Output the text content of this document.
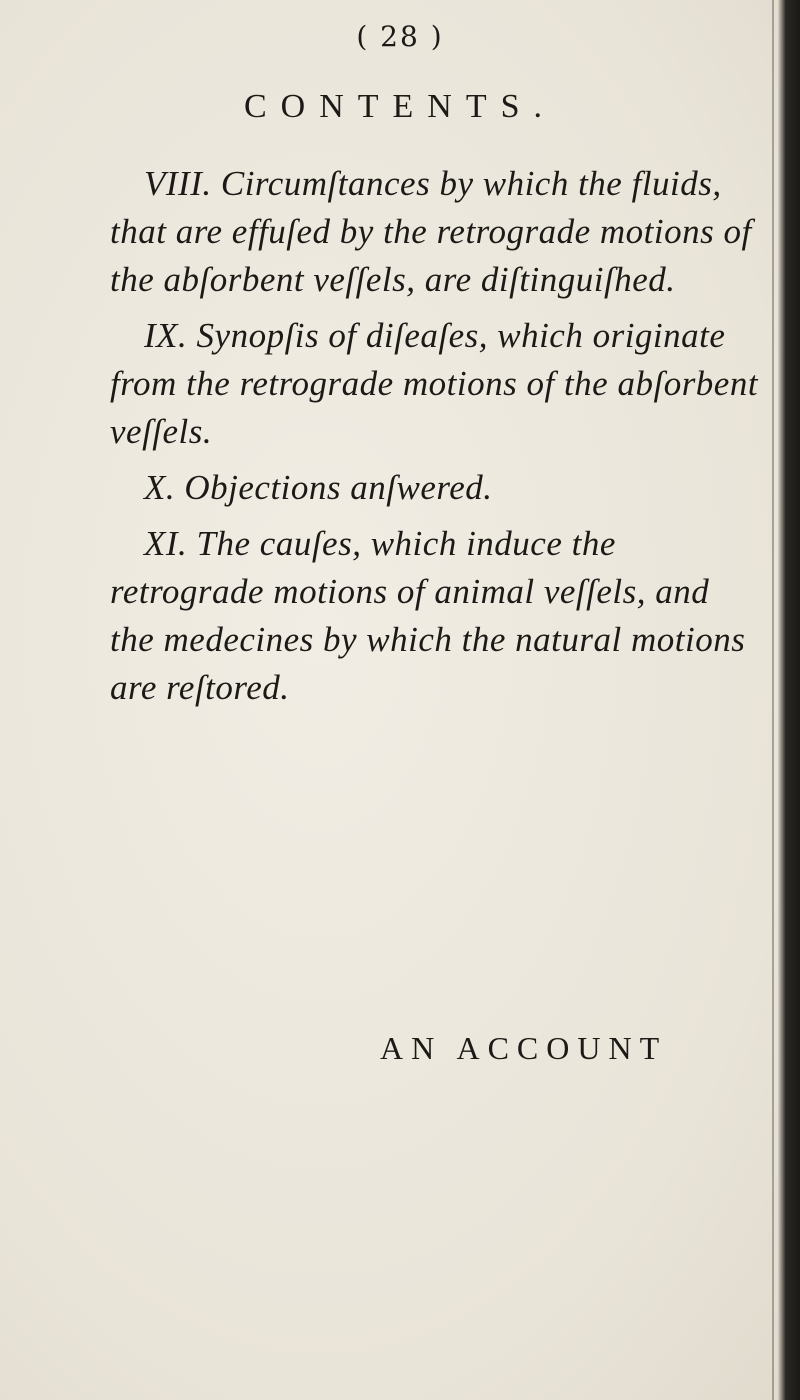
( 28 )
CONTENTS.

VIII. Circumſtances by which the fluids, that are effuſed by the retrograde motions of the abſorbent veſſels, are diſtinguiſhed.

IX. Synopſis of diſeaſes, which originate from the retrograde motions of the abſorbent veſſels.

X. Objections anſwered.

XI. The cauſes, which induce the retrograde motions of animal veſſels, and the medecines by which the natural motions are reſtored.

AN ACCOUNT
